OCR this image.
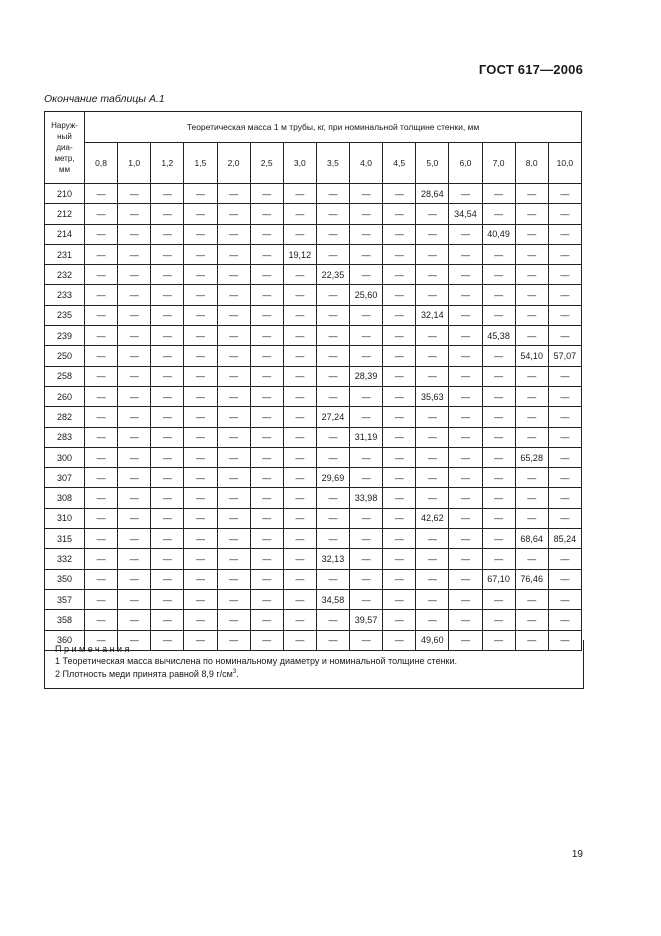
ГОСТ 617—2006
Окончание таблицы А.1
Наруж-
ный
диа-
метр,
мм	Теоретическая масса 1 м трубы, кг, при номинальной толщине стенки, мм														
	0,8	1,0	1,2	1,5	2,0	2,5	3,0	3,5	4,0	4,5	5,0	6,0	7,0	8,0	10,0
210	—	—	—	—	—	—	—	—	—	—	28,64	—	—	—	—
212	—	—	—	—	—	—	—	—	—	—	—	34,54	—	—	—
214	—	—	—	—	—	—	—	—	—	—	—	—	40,49	—	—
231	—	—	—	—	—	—	19,12	—	—	—	—	—	—	—	—
232	—	—	—	—	—	—	—	22,35	—	—	—	—	—	—	—
233	—	—	—	—	—	—	—	—	25,60	—	—	—	—	—	—
235	—	—	—	—	—	—	—	—	—	—	32,14	—	—	—	—
239	—	—	—	—	—	—	—	—	—	—	—	—	45,38	—	—
250	—	—	—	—	—	—	—	—	—	—	—	—	—	54,10	57,07
258	—	—	—	—	—	—	—	—	28,39	—	—	—	—	—	—
260	—	—	—	—	—	—	—	—	—	—	35,63	—	—	—	—
282	—	—	—	—	—	—	—	27,24	—	—	—	—	—	—	—
283	—	—	—	—	—	—	—	—	31,19	—	—	—	—	—	—
300	—	—	—	—	—	—	—	—	—	—	—	—	—	65,28	—
307	—	—	—	—	—	—	—	29,69	—	—	—	—	—	—	—
308	—	—	—	—	—	—	—	—	33,98	—	—	—	—	—	—
310	—	—	—	—	—	—	—	—	—	—	42,62	—	—	—	—
315	—	—	—	—	—	—	—	—	—	—	—	—	—	68,64	85,24
332	—	—	—	—	—	—	—	32,13	—	—	—	—	—	—	—
350	—	—	—	—	—	—	—	—	—	—	—	—	67,10	76,46	—
357	—	—	—	—	—	—	—	34,58	—	—	—	—	—	—	—
358	—	—	—	—	—	—	—	—	39,57	—	—	—	—	—	—
360	—	—	—	—	—	—	—	—	—	—	49,60	—	—	—	—
Примечания
1 Теоретическая масса вычислена по номинальному диаметру и номинальной толщине стенки.
2 Плотность меди принята равной 8,9 $г/см^3$.
19
